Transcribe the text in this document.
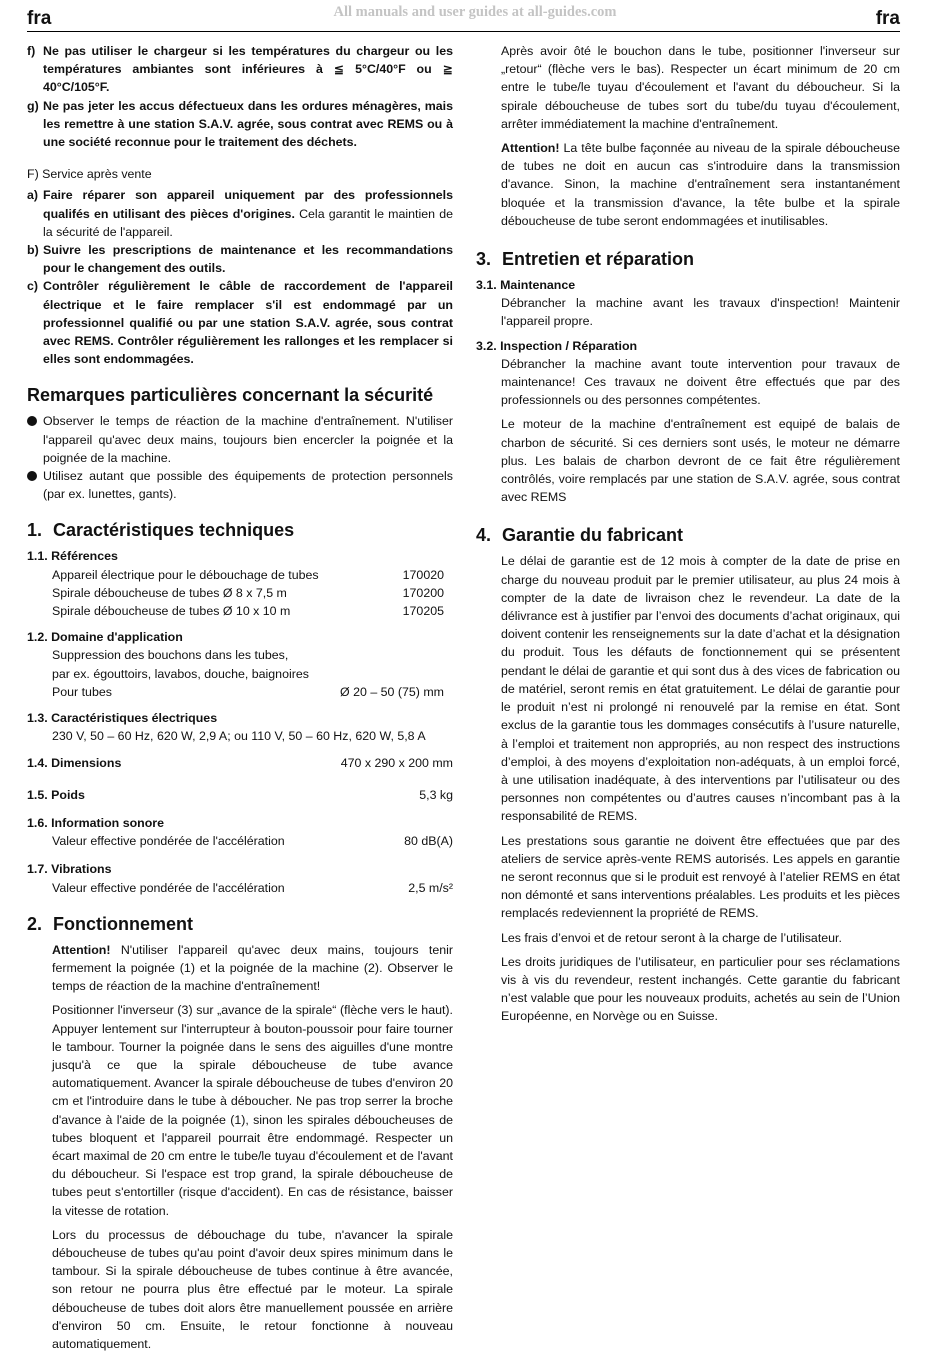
fra	All manuals and user guides at all-guides.com	fra
f) Ne pas utiliser le chargeur si les températures du chargeur ou les températures ambiantes sont inférieures à ≦ 5°C/40°F ou ≧ 40°C/105°F.
g) Ne pas jeter les accus défectueux dans les ordures ménagères, mais les remettre à une station S.A.V. agrée, sous contrat avec REMS ou à une société reconnue pour le traitement des déchets.
F) Service après vente
a) Faire réparer son appareil uniquement par des professionnels qualifés en utilisant des pièces d'origines. Cela garantit le maintien de la sécurité de l'appareil.
b) Suivre les prescriptions de maintenance et les recommandations pour le changement des outils.
c) Contrôler régulièrement le câble de raccordement de l'appareil électrique et le faire remplacer s'il est endommagé par un professionnel qualifié ou par une station S.A.V. agrée, sous contrat avec REMS. Contrôler régulièrement les rallonges et les remplacer si elles sont endommagées.
Remarques particulières concernant la sécurité
Observer le temps de réaction de la machine d'entraînement. N'utiliser l'appareil qu'avec deux mains, toujours bien encercler la poignée et la poignée de la machine.
Utilisez autant que possible des équipements de protection personnels (par ex. lunettes, gants).
1. Caractéristiques techniques
1.1. Références
Appareil électrique pour le débouchage de tubes	170020
Spirale déboucheuse de tubes Ø 8 x 7,5 m	170200
Spirale déboucheuse de tubes Ø 10 x 10 m	170205
1.2. Domaine d'application
Suppression des bouchons dans les tubes,
par ex. égouttoirs, lavabos, douche, baignoires
Pour tubes	Ø 20 – 50 (75) mm
1.3. Caractéristiques électriques
230 V, 50 – 60 Hz, 620 W, 2,9 A; ou 110 V, 50 – 60 Hz, 620 W, 5,8 A
1.4. Dimensions	470 x 290 x 200 mm
1.5. Poids	5,3 kg
1.6. Information sonore
Valeur effective pondérée de l'accélération	80 dB(A)
1.7. Vibrations
Valeur effective pondérée de l'accélération	2,5 m/s²
2. Fonctionnement

Attention! N'utiliser l'appareil qu'avec deux mains, toujours tenir fermement la poignée (1) et la poignée de la machine (2). Observer le temps de réaction de la machine d'entraînement!

Positionner l'inverseur (3) sur „avance de la spirale“ (flèche vers le haut). Appuyer lentement sur l'interrupteur à bouton-poussoir pour faire tourner le tambour. Tourner la poignée dans le sens des aiguilles d'une montre jusqu'à ce que la spirale déboucheuse de tube avance automatiquement. Avancer la spirale déboucheuse de tubes d'environ 20 cm et l'introduire dans le tube à déboucher. Ne pas trop serrer la broche d'avance à l'aide de la poignée (1), sinon les spirales déboucheuses de tubes bloquent et l'appareil pourrait être endommagé. Respecter un écart maximal de 20 cm entre le tube/le tuyau d'écoulement et de l'avant du déboucheur. Si l'espace est trop grand, la spirale déboucheuse de tubes peut s'entortiller (risque d'accident). En cas de résistance, baisser la vitesse de rotation.

Lors du processus de débouchage du tube, n'avancer la spirale déboucheuse de tubes qu'au point d'avoir deux spires minimum dans le tambour. Si la spirale déboucheuse de tubes continue à être avancée, son retour ne pourra plus être effectué par le moteur. La spirale déboucheuse de tubes doit alors être manuellement poussée en arrière d'environ 50 cm. Ensuite, le retour fonctionne à nouveau automatiquement.

Après avoir ôté le bouchon dans le tube, positionner l'inverseur sur „retour“ (flèche vers le bas). Respecter un écart minimum de 20 cm entre le tube/le tuyau d'écoulement et l'avant du déboucheur. Si la spirale déboucheuse de tubes sort du tube/du tuyau d'écoulement, arrêter immédiatement la machine d'entraînement.

Attention! La tête bulbe façonnée au niveau de la spirale déboucheuse de tubes ne doit en aucun cas s'introduire dans la transmission d'avance. Sinon, la machine d'entraînement sera instantanément bloquée et la transmission d'avance, la tête bulbe et la spirale déboucheuse de tube seront endommagées et inutilisables.

3. Entretien et réparation
3.1. Maintenance

Débrancher la machine avant les travaux d'inspection! Maintenir l'appareil propre.

3.2. Inspection / Réparation

Débrancher la machine avant toute intervention pour travaux de maintenance! Ces travaux ne doivent être effectués que par des professionnels ou des personnes compétentes.

Le moteur de la machine d'entraînement est equipé de balais de charbon de sécurité. Si ces derniers sont usés, le moteur ne démarre plus. Les balais de charbon devront de ce fait être régulièrement contrôlés, voire remplacés par une station de S.A.V. agrée, sous contrat avec REMS

4. Garantie du fabricant

Le délai de garantie est de 12 mois à compter de la date de prise en charge du nouveau produit par le premier utilisateur, au plus 24 mois à compter de la date de livraison chez le revendeur. La date de la délivrance est à justifier par l’envoi des documents d’achat originaux, qui doivent contenir les renseignements sur la date d’achat et la désignation du produit. Tous les défauts de fonctionnement qui se présentent pendant le délai de garantie et qui sont dus à des vices de fabrication ou de matériel, seront remis en état gratuitement. Le délai de garantie pour le produit n’est ni prolongé ni renouvelé par la remise en état. Sont exclus de la garantie tous les dommages consécutifs à l’usure naturelle, à l’emploi et traitement non appropriés, au non respect des instructions d’emploi, à des moyens d’exploitation non-adéquats, à un emploi forcé, à une utilisation inadéquate, à des interventions par l’utilisateur ou des personnes non compétentes ou d’autres causes n’incombant pas à la responsabilité de REMS.

Les prestations sous garantie ne doivent être effectuées que par des ateliers de service après-vente REMS autorisés. Les appels en garantie ne seront reconnus que si le produit est renvoyé à l’atelier REMS en état non démonté et sans interventions préalables. Les produits et les pièces remplacés redeviennent la propriété de REMS.

Les frais d’envoi et de retour seront à la charge de l’utilisateur.

Les droits juridiques de l’utilisateur, en particulier pour ses réclamations vis à vis du revendeur, restent inchangés. Cette garantie du fabricant n’est valable que pour les nouveaux produits, achetés au sein de l’Union Européenne, en Norvège ou en Suisse.
